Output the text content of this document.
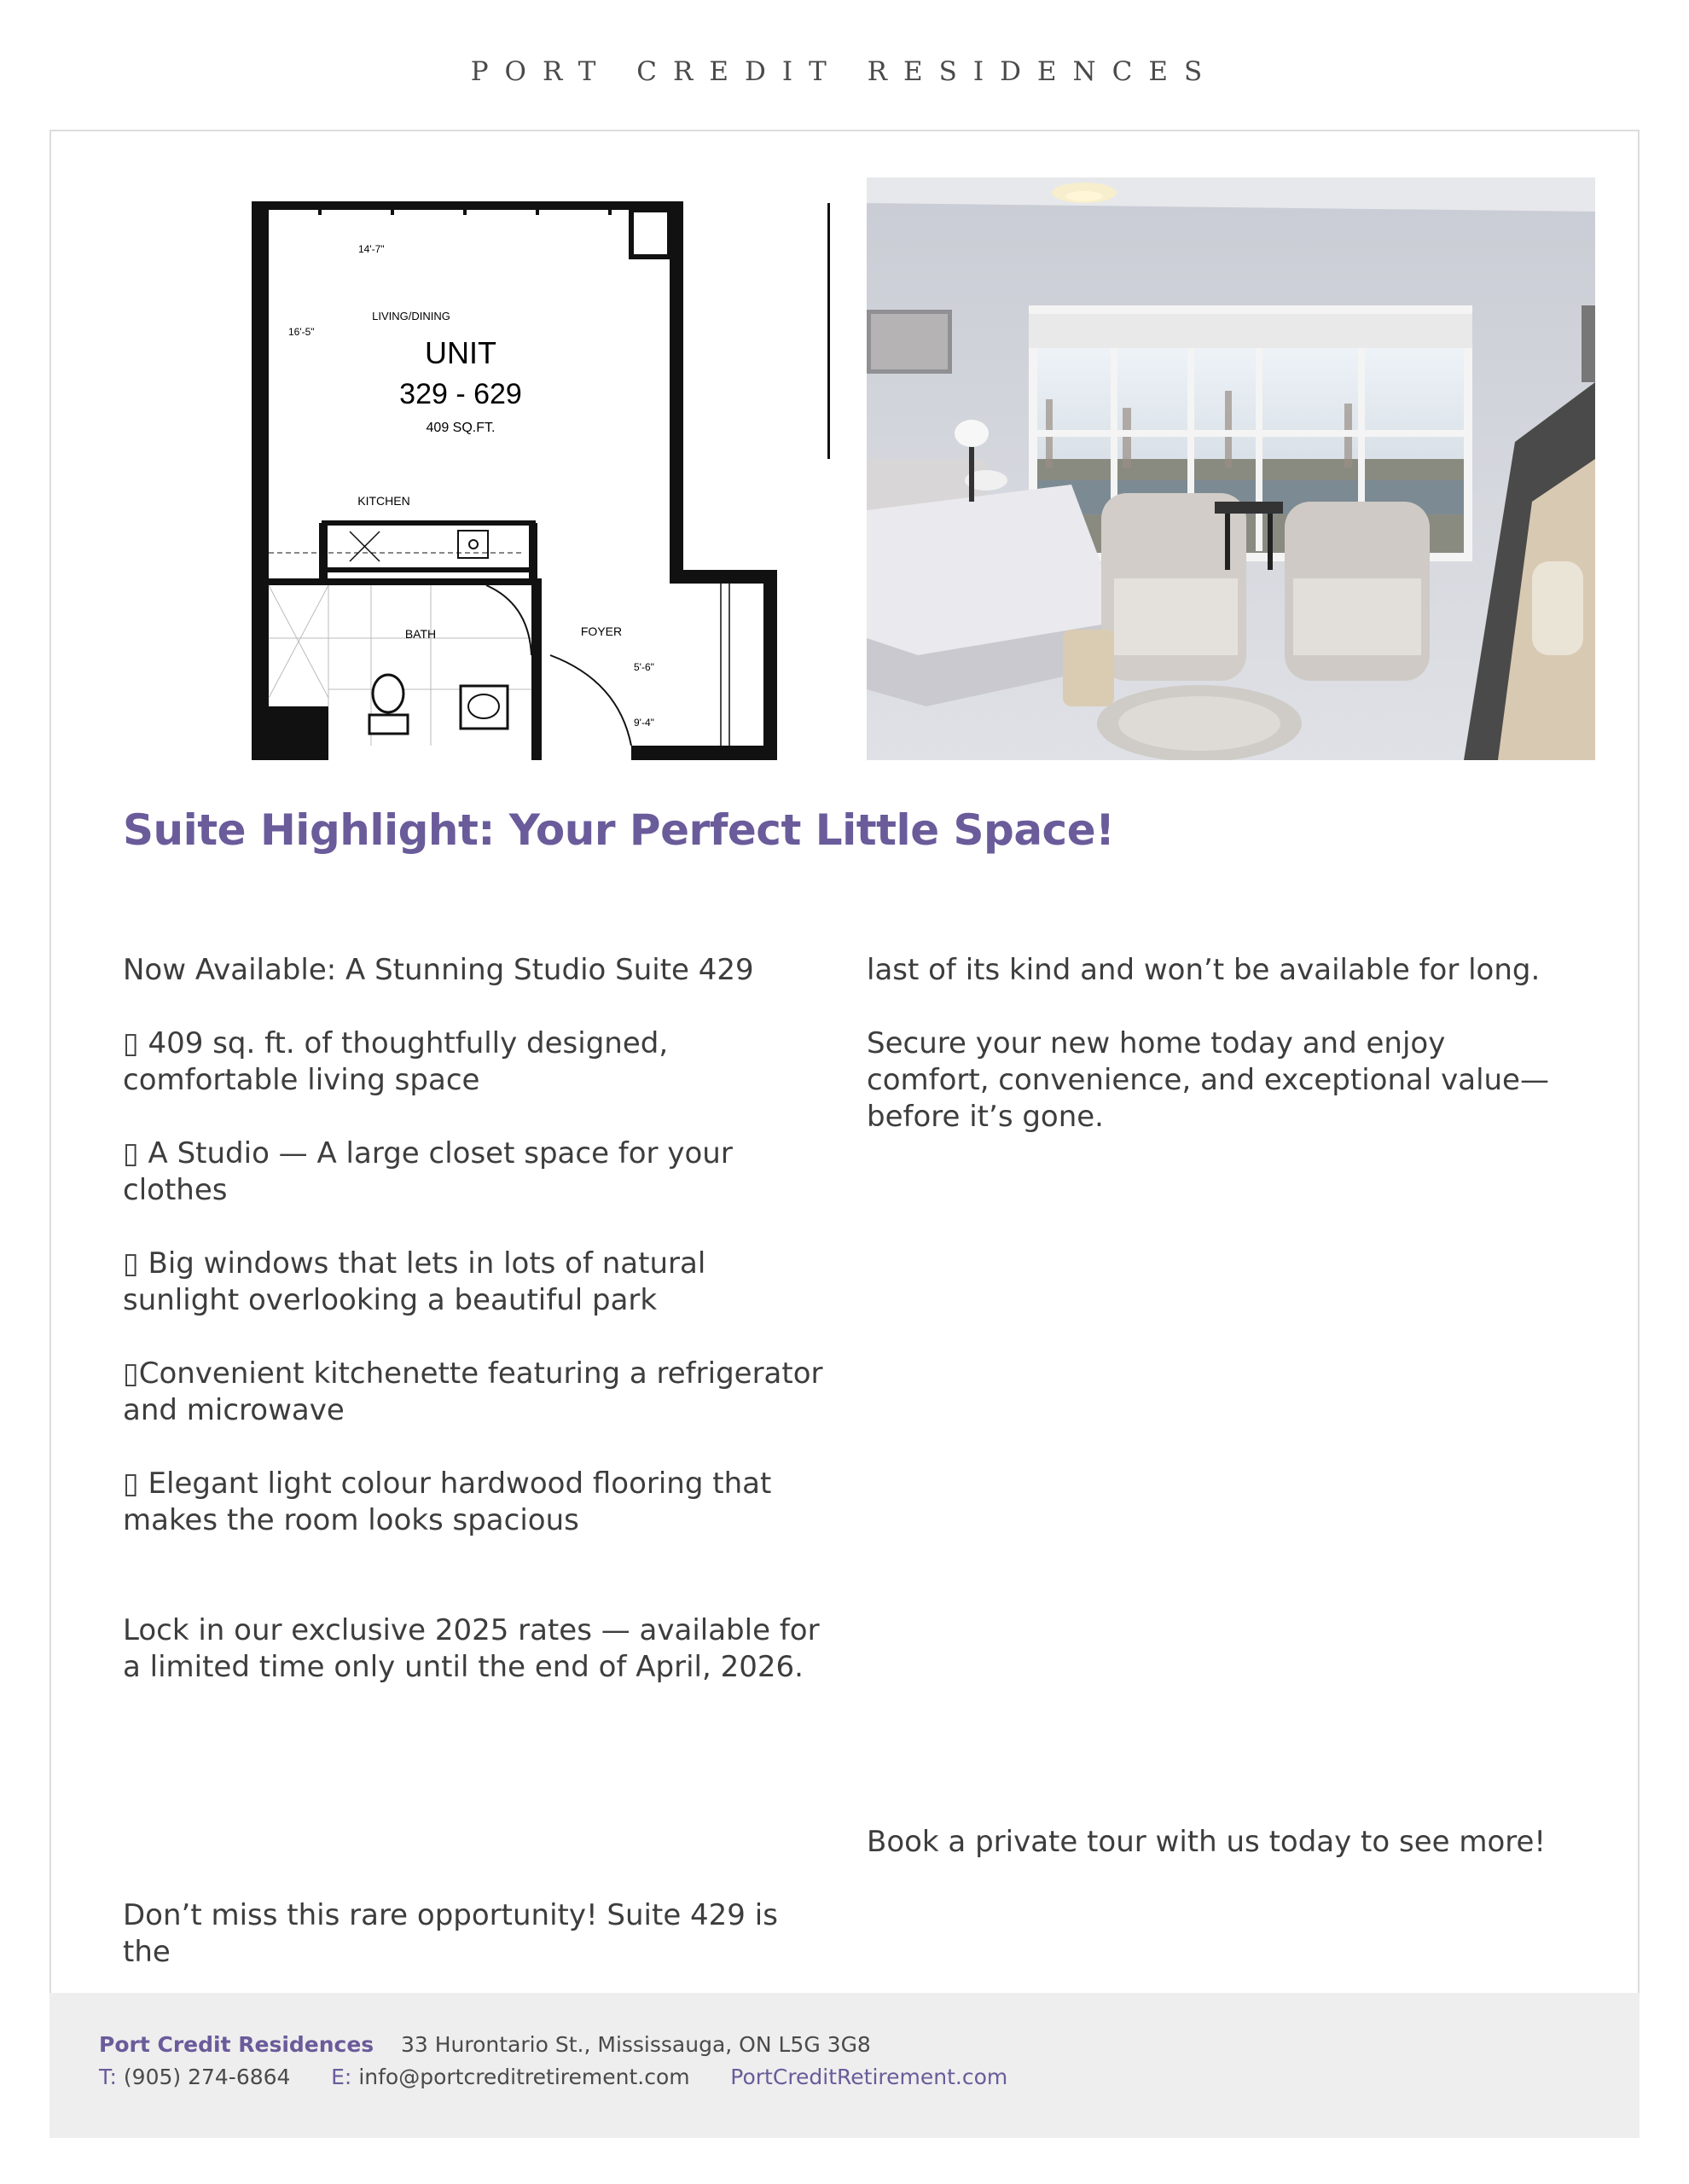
PORT CREDIT RESIDENCES
14'-7"
16'-5"
LIVING/DINING
UNIT
329 - 629
409 SQ.FT.
KITCHEN
BATH	FOYER
5'-6"
9'-4"
Suite Highlight: Your Perfect Little Space!

Now Available: A Stunning Studio Suite 429

▯ 409 sq. ft. of thoughtfully designed, comfortable living space

▯ A Studio — A large closet space for your clothes

▯ Big windows that lets in lots of natural sunlight overlooking a beautiful park

▯Convenient kitchenette featuring a refrigerator and microwave

▯ Elegant light colour hardwood flooring that makes the room looks spacious

Lock in our exclusive 2025 rates — available for a limited time only until the end of April, 2026.

Don’t miss this rare opportunity! Suite 429 is the

last of its kind and won’t be available for long.

Secure your new home today and enjoy comfort, convenience, and exceptional value—before it’s gone.

Book a private tour with us today to see more!

Port Credit Residences 33 Hurontario St., Mississauga, ON L5G 3G8
T: (905) 274-6864 E: info@portcreditretirement.com PortCreditRetirement.com
